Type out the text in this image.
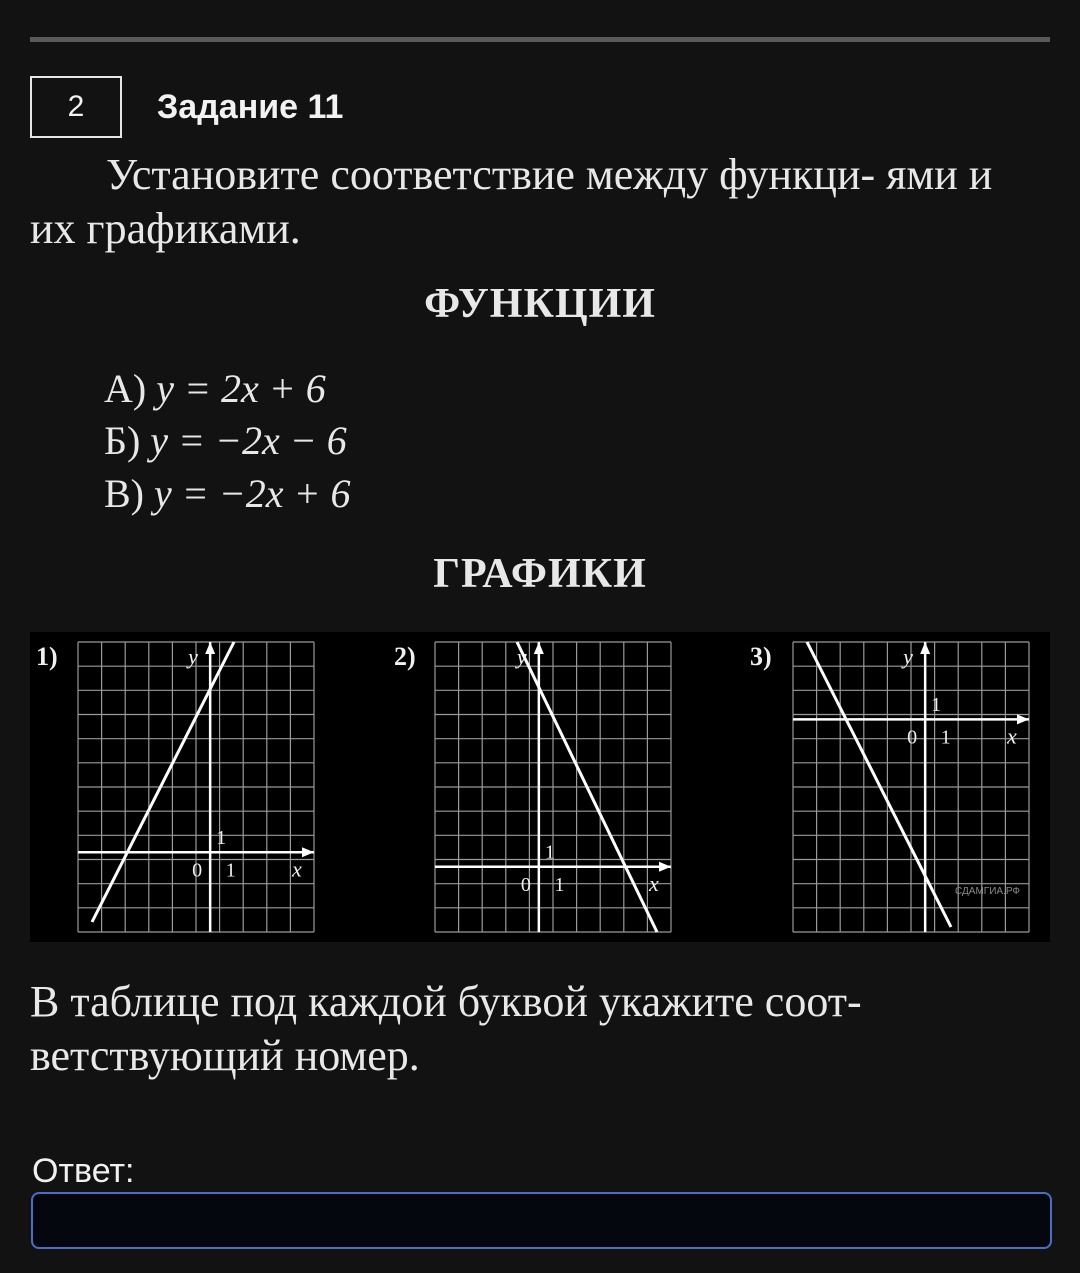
2 Задание 11
Установите соответствие между функци- ями и их графиками.
ФУНКЦИИ
А) y = 2x + 6
Б) y = −2x − 6
В) y = −2x + 6
ГРАФИКИ
1)	2)	3)
y
x
0 1
1
y
x
0 1
1
y
x
0 1
1
СДАМГИА.РФ
В таблице под каждой буквой укажите соот- ветствующий номер.
Ответ:
